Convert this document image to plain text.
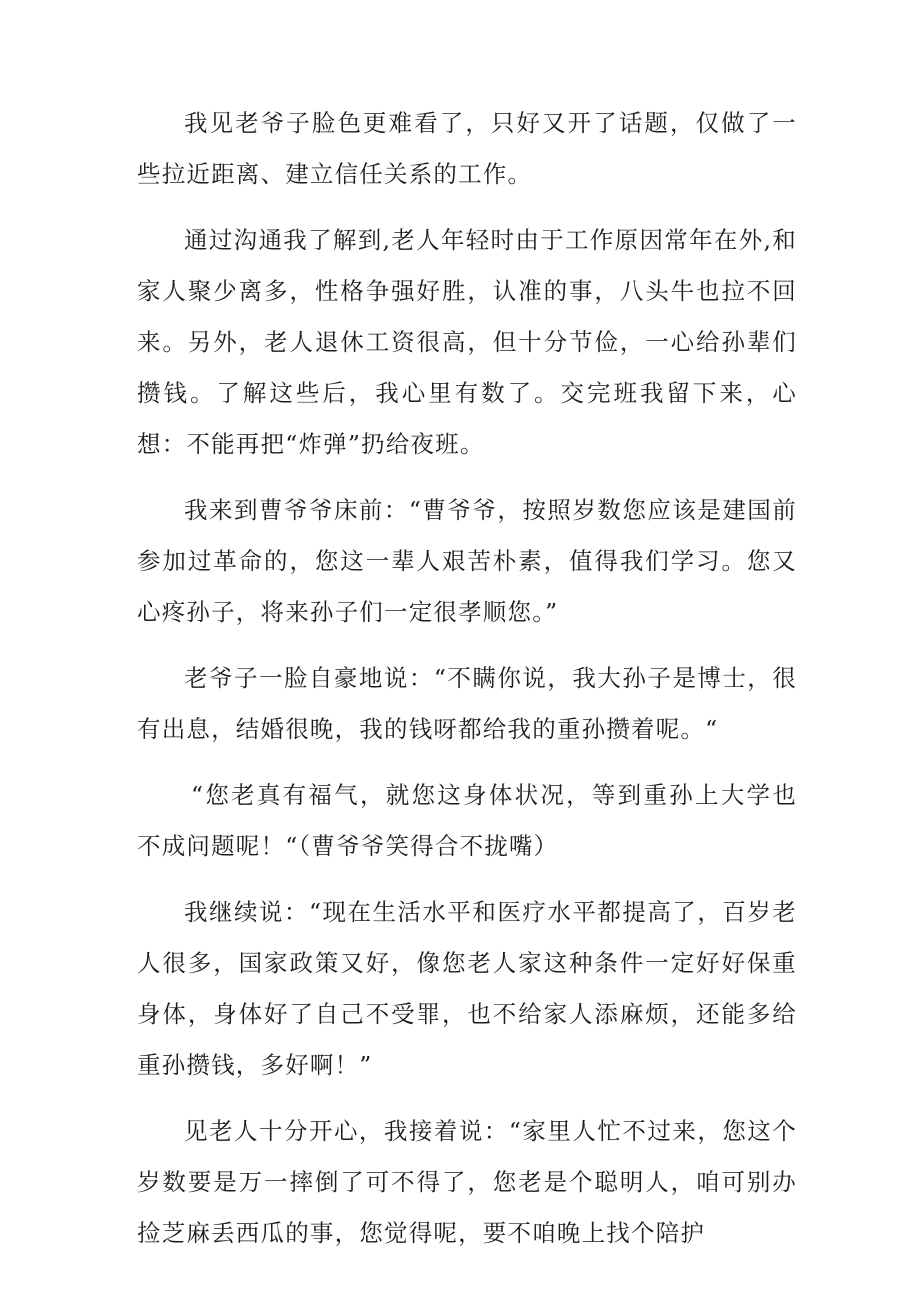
我见老爷子脸色更难看了，只好又开了话题，仅做了一些拉近距离、建立信任关系的工作。

通过沟通我了解到,老人年轻时由于工作原因常年在外,和家人聚少离多，性格争强好胜，认准的事，八头牛也拉不回来。另外，老人退休工资很高，但十分节俭，一心给孙辈们攒钱。了解这些后，我心里有数了。交完班我留下来，心想：不能再把“炸弹”扔给夜班。

我来到曹爷爷床前：“曹爷爷，按照岁数您应该是建国前参加过革命的，您这一辈人艰苦朴素，值得我们学习。您又心疼孙子，将来孙子们一定很孝顺您。”

老爷子一脸自豪地说：“不瞒你说，我大孙子是博士，很有出息，结婚很晚，我的钱呀都给我的重孙攒着呢。“

“您老真有福气，就您这身体状况，等到重孙上大学也不成问题呢！“（曹爷爷笑得合不拢嘴）

我继续说：“现在生活水平和医疗水平都提高了，百岁老人很多，国家政策又好，像您老人家这种条件一定好好保重身体，身体好了自己不受罪，也不给家人添麻烦，还能多给重孙攒钱，多好啊！”

见老人十分开心，我接着说：“家里人忙不过来，您这个岁数要是万一摔倒了可不得了，您老是个聪明人，咱可别办捡芝麻丢西瓜的事，您觉得呢，要不咱晚上找个陪护
